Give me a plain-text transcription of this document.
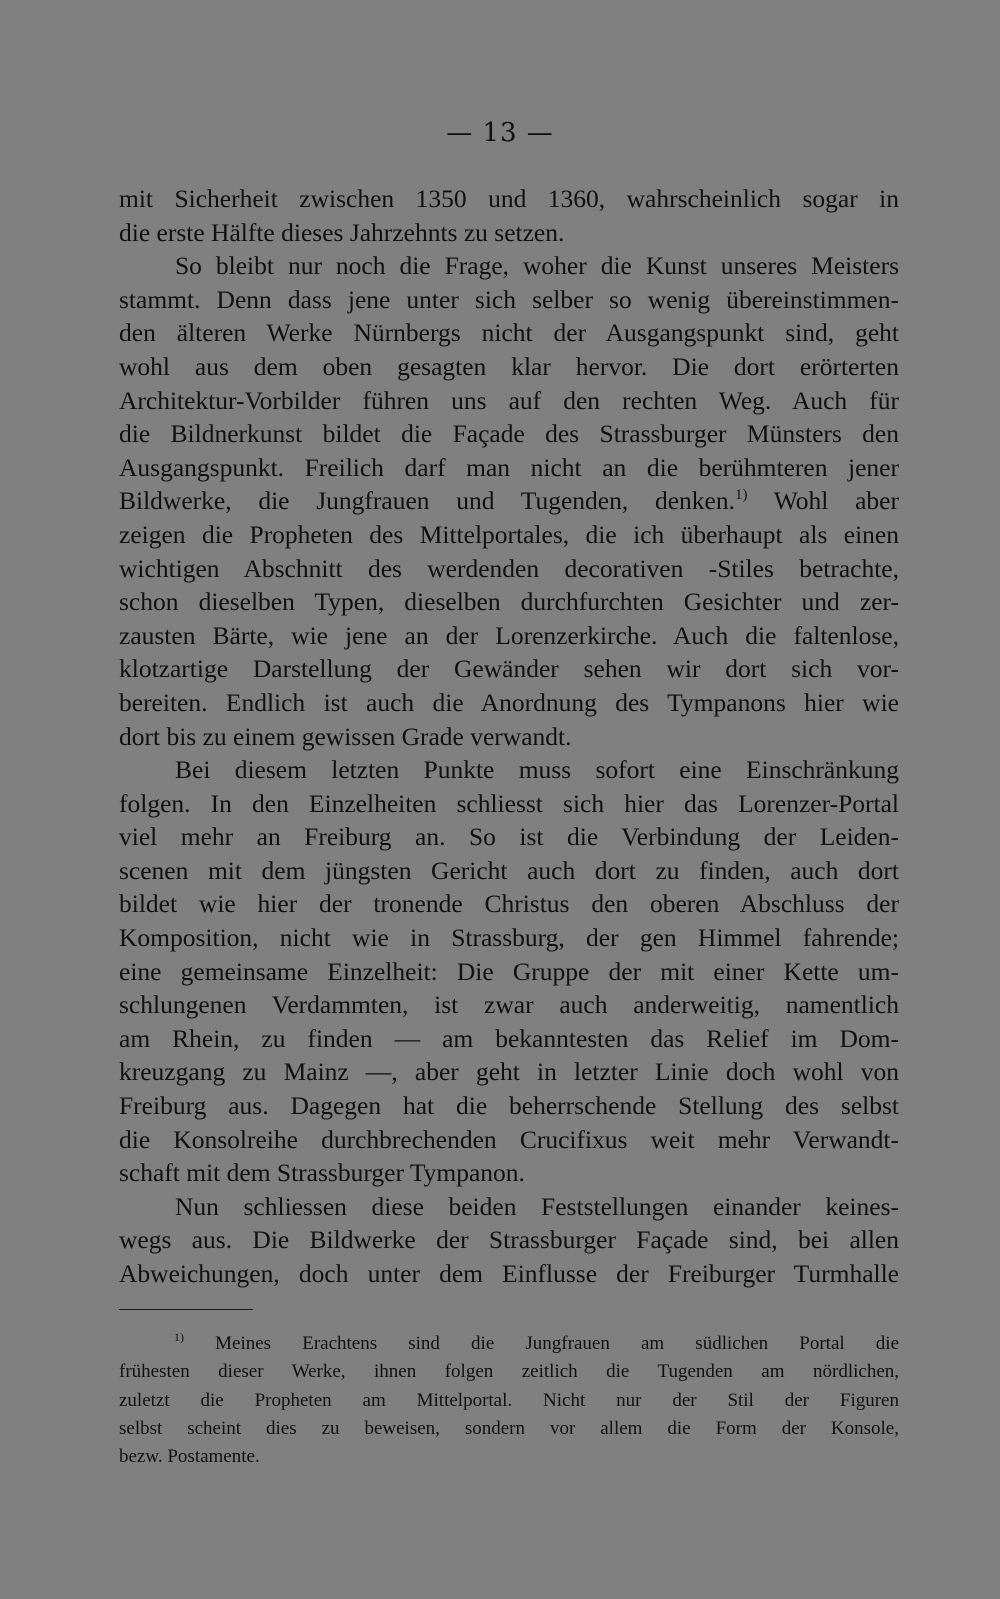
— 13 —
mit Sicherheit zwischen 1350 und 1360, wahrscheinlich sogar in
die erste Hälfte dieses Jahrzehnts zu setzen.
So bleibt nur noch die Frage, woher die Kunst unseres Meisters
stammt. Denn dass jene unter sich selber so wenig übereinstimmen-
den älteren Werke Nürnbergs nicht der Ausgangspunkt sind, geht
wohl aus dem oben gesagten klar hervor. Die dort erörterten
Architektur-Vorbilder führen uns auf den rechten Weg. Auch für
die Bildnerkunst bildet die Façade des Strassburger Münsters den
Ausgangspunkt. Freilich darf man nicht an die berühmteren jener
Bildwerke, die Jungfrauen und Tugenden, denken.$^{1)}$ Wohl aber
zeigen die Propheten des Mittelportales, die ich überhaupt als einen
wichtigen Abschnitt des werdenden decorativen -Stiles betrachte,
schon dieselben Typen, dieselben durchfurchten Gesichter und zer-
zausten Bärte, wie jene an der Lorenzerkirche. Auch die faltenlose,
klotzartige Darstellung der Gewänder sehen wir dort sich vor-
bereiten. Endlich ist auch die Anordnung des Tympanons hier wie
dort bis zu einem gewissen Grade verwandt.
Bei diesem letzten Punkte muss sofort eine Einschränkung
folgen. In den Einzelheiten schliesst sich hier das Lorenzer-Portal
viel mehr an Freiburg an. So ist die Verbindung der Leiden-
scenen mit dem jüngsten Gericht auch dort zu finden, auch dort
bildet wie hier der tronende Christus den oberen Abschluss der
Komposition, nicht wie in Strassburg, der gen Himmel fahrende;
eine gemeinsame Einzelheit: Die Gruppe der mit einer Kette um-
schlungenen Verdammten, ist zwar auch anderweitig, namentlich
am Rhein, zu finden — am bekanntesten das Relief im Dom-
kreuzgang zu Mainz —, aber geht in letzter Linie doch wohl von
Freiburg aus. Dagegen hat die beherrschende Stellung des selbst
die Konsolreihe durchbrechenden Crucifixus weit mehr Verwandt-
schaft mit dem Strassburger Tympanon.
Nun schliessen diese beiden Feststellungen einander keines-
wegs aus. Die Bildwerke der Strassburger Façade sind, bei allen
Abweichungen, doch unter dem Einflusse der Freiburger Turmhalle
$^{1)}$ Meines Erachtens sind die Jungfrauen am südlichen Portal die
frühesten dieser Werke, ihnen folgen zeitlich die Tugenden am nördlichen,
zuletzt die Propheten am Mittelportal. Nicht nur der Stil der Figuren
selbst scheint dies zu beweisen, sondern vor allem die Form der Konsole,
bezw. Postamente.
